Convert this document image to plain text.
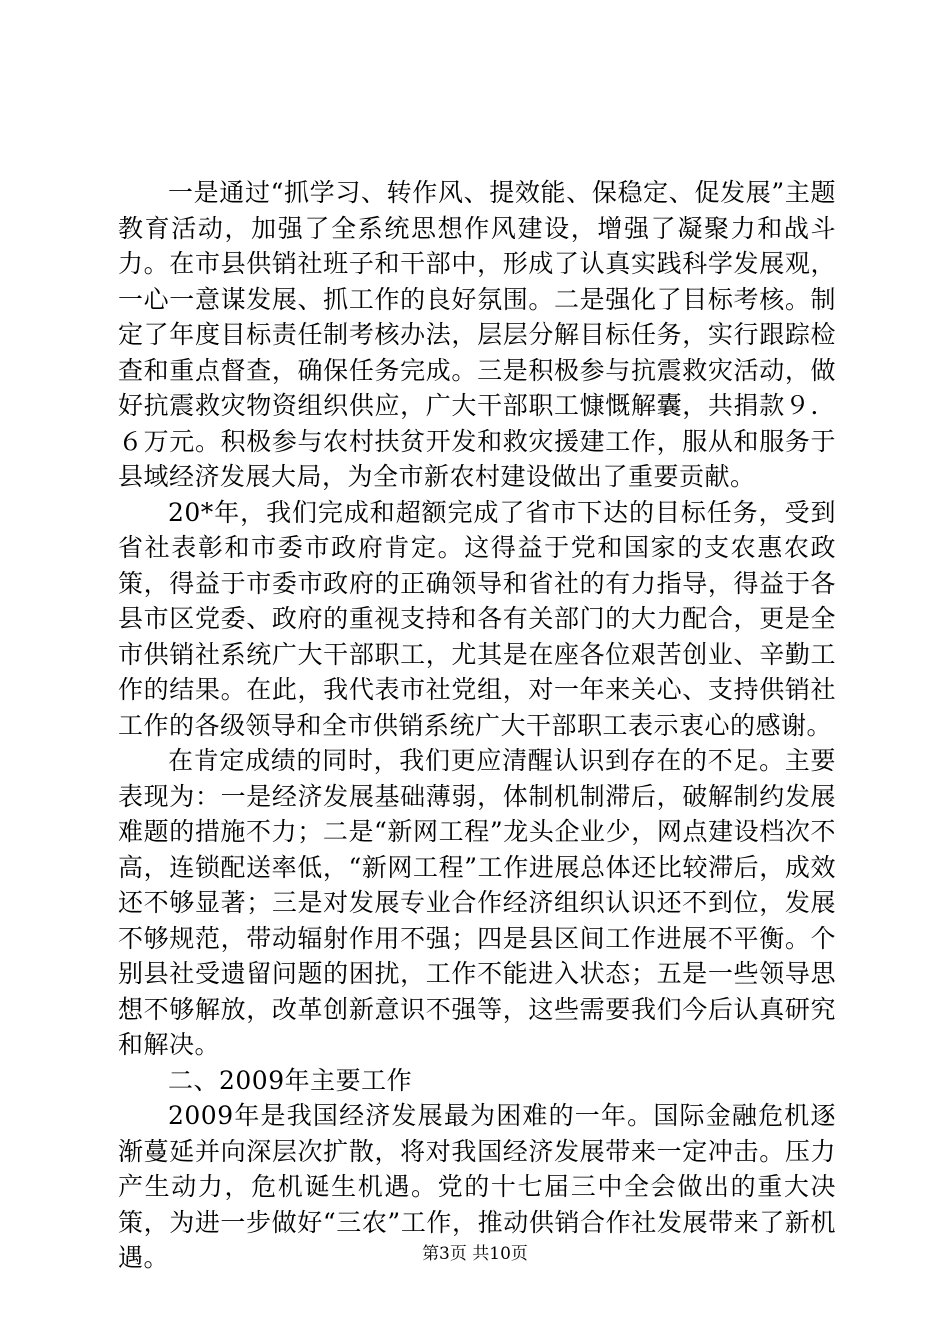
一是通过“抓学习、转作风、提效能、保稳定、促发展”主题教育活动，加强了全系统思想作风建设，增强了凝聚力和战斗力。在市县供销社班子和干部中，形成了认真实践科学发展观，一心一意谋发展、抓工作的良好氛围。二是强化了目标考核。制定了年度目标责任制考核办法，层层分解目标任务，实行跟踪检查和重点督查，确保任务完成。三是积极参与抗震救灾活动，做好抗震救灾物资组织供应，广大干部职工慷慨解囊，共捐款９．６万元。积极参与农村扶贫开发和救灾援建工作，服从和服务于县域经济发展大局，为全市新农村建设做出了重要贡献。

20*年，我们完成和超额完成了省市下达的目标任务，受到省社表彰和市委市政府肯定。这得益于党和国家的支农惠农政策，得益于市委市政府的正确领导和省社的有力指导，得益于各县市区党委、政府的重视支持和各有关部门的大力配合，更是全市供销社系统广大干部职工，尤其是在座各位艰苦创业、辛勤工作的结果。在此，我代表市社党组，对一年来关心、支持供销社工作的各级领导和全市供销系统广大干部职工表示衷心的感谢。

在肯定成绩的同时，我们更应清醒认识到存在的不足。主要表现为：一是经济发展基础薄弱，体制机制滞后，破解制约发展难题的措施不力；二是“新网工程”龙头企业少，网点建设档次不高，连锁配送率低，“新网工程”工作进展总体还比较滞后，成效还不够显著；三是对发展专业合作经济组织认识还不到位，发展不够规范，带动辐射作用不强；四是县区间工作进展不平衡。个别县社受遗留问题的困扰，工作不能进入状态；五是一些领导思想不够解放，改革创新意识不强等，这些需要我们今后认真研究和解决。

二、2009年主要工作

2009年是我国经济发展最为困难的一年。国际金融危机逐渐蔓延并向深层次扩散，将对我国经济发展带来一定冲击。压力产生动力，危机诞生机遇。党的十七届三中全会做出的重大决策，为进一步做好“三农”工作，推动供销合作社发展带来了新机遇。	第3页 共10页
